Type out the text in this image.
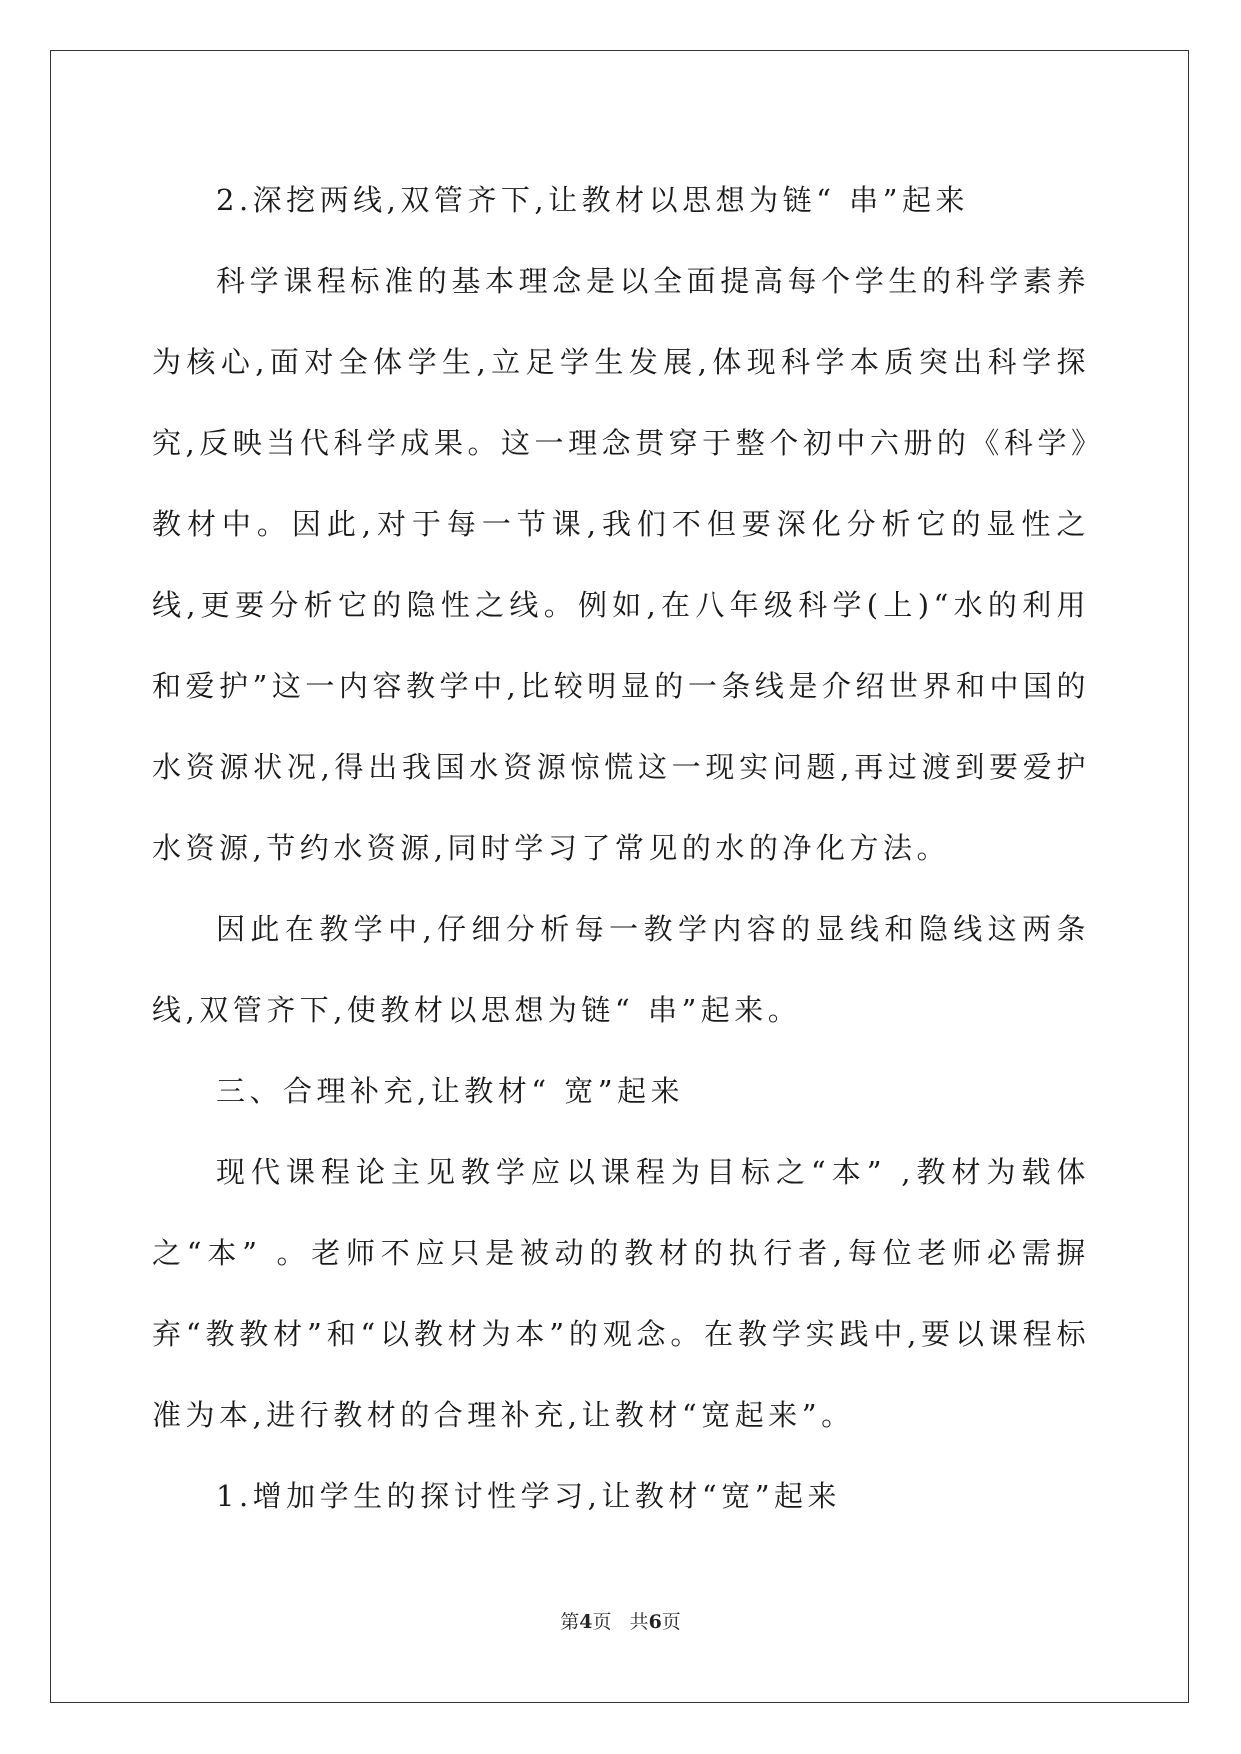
2.深挖两线,双管齐下,让教材以思想为链“ 串”起来

科学课程标准的基本理念是以全面提高每个学生的科学素养为核心,面对全体学生,立足学生发展,体现科学本质突出科学探究,反映当代科学成果。这一理念贯穿于整个初中六册的《科学》教材中。因此,对于每一节课,我们不但要深化分析它的显性之线,更要分析它的隐性之线。例如,在八年级科学(上)“水的利用和爱护”这一内容教学中,比较明显的一条线是介绍世界和中国的水资源状况,得出我国水资源惊慌这一现实问题,再过渡到要爱护水资源,节约水资源,同时学习了常见的水的净化方法。

因此在教学中,仔细分析每一教学内容的显线和隐线这两条线,双管齐下,使教材以思想为链“ 串”起来。

三、合理补充,让教材“ 宽”起来

现代课程论主见教学应以课程为目标之“本” ,教材为载体之“本” 。老师不应只是被动的教材的执行者,每位老师必需摒弃“教教材”和“以教材为本”的观念。在教学实践中,要以课程标准为本,进行教材的合理补充,让教材“宽起来”。

1.增加学生的探讨性学习,让教材“宽”起来

第4页   共6页
